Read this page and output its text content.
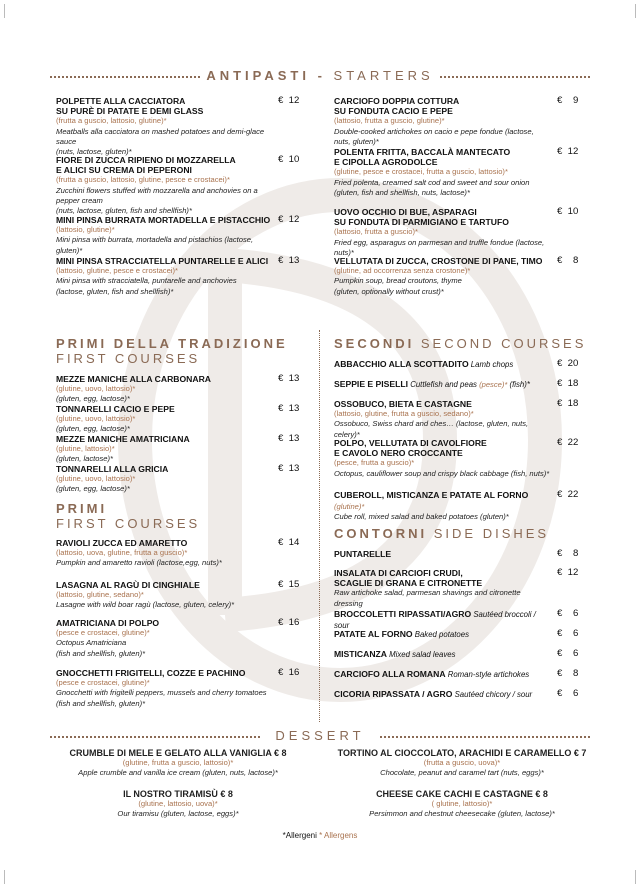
ANTIPASTI - STARTERS
POLPETTE ALLA CACCIATORA
SU PURÈ DI PATATE E DEMI GLASS
(frutta a guscio, lattosio, glutine)*
Meatballs alla cacciatora on mashed potatoes and demi-glace sauce
(nuts, lactose, gluten)*
€  12
FIORE DI ZUCCA RIPIENO DI MOZZARELLA
E ALICI SU CREMA DI PEPERONI
(frutta a guscio, lattosio, glutine, pesce e crostacei)*
Zucchini flowers stuffed with mozzarella and anchovies on a pepper cream
(nuts, lactose, gluten, fish and shellfish)*
€  10
MINI PINSA BURRATA MORTADELLA E PISTACCHIO
(lattosio, glutine)*
Mini pinsa with burrata, mortadella and pistachios (lactose, gluten)*
€  12
MINI PINSA STRACCIATELLA PUNTARELLE E ALICI
(lattosio, glutine, pesce e crostacei)*
Mini pinsa with stracciatella, puntarelle and anchovies
(lactose, gluten, fish and shellfish)*
€  13
CARCIOFO DOPPIA COTTURA
SU FONDUTA CACIO E PEPE
(lattosio, frutta a guscio, glutine)*
Double-cooked artichokes on cacio e pepe fondue (lactose, nuts, gluten)*
€    9
POLENTA FRITTA, BACCALÀ MANTECATO
E CIPOLLA AGRODOLCE
(glutine, pesce e crostacei, frutta a guscio, lattosio)*
Fried polenta, creamed salt cod and sweet and sour onion
(gluten, fish and shellfish, nuts, lactose)*
€  12
UOVO OCCHIO DI BUE, ASPARAGI
SU FONDUTA DI PARMIGIANO E TARTUFO
(lattosio, frutta a guscio)*
Fried egg, asparagus on parmesan and truffle fondue (lactose, nuts)*
€  10
VELLUTATA DI ZUCCA, CROSTONE DI PANE, TIMO
(glutine, ad occorrenza senza crostone)*
Pumpkin soup, bread croutons, thyme
(gluten, optionally without crust)*
€    8
PRIMI DELLA TRADIZIONE
FIRST COURSES
MEZZE MANICHE ALLA CARBONARA
(glutine, uovo, lattosio)*
(gluten, egg, lactose)*
€  13
TONNARELLI CACIO E PEPE
(glutine, uovo, lattosio)*
(gluten, egg, lactose)*
€  13
MEZZE MANICHE AMATRICIANA
(glutine, lattosio)*
(gluten, lactose)*
€  13
TONNARELLI ALLA GRICIA
(glutine, uovo, lattosio)*
(gluten, egg, lactose)*
€  13
PRIMI
FIRST COURSES
RAVIOLI ZUCCA ED AMARETTO
(lattosio, uova, glutine, frutta a guscio)*
Pumpkin and amaretto ravioli (lactose,egg, nuts)*
€  14
LASAGNA AL RAGÙ DI CINGHIALE
(lattosio, glutine, sedano)*
Lasagne with wild boar ragù (lactose, gluten, celery)*
€  15
AMATRICIANA DI POLPO
(pesce e crostacei, glutine)*
Octopus Amatriciana
(fish and shellfish, gluten)*
€  16
GNOCCHETTI FRIGITELLI, COZZE E PACHINO
(pesce e crostacei, glutine)*
Gnocchetti with frigitelli peppers, mussels and cherry tomatoes
(fish and shellfish, gluten)*
€  16
SECONDI SECOND COURSES
ABBACCHIO ALLA SCOTTADITO Lamb chops	€  20
SEPPIE E PISELLI Cuttlefish and peas (pesce)* (fish)*	€  18
OSSOBUCO, BIETA E CASTAGNE
(lattosio, glutine, frutta a guscio, sedano)*
Ossobuco, Swiss chard and ches… (lactose, gluten, nuts, celery)*
€  18
POLPO, VELLUTATA DI CAVOLFIORE
E CAVOLO NERO CROCCANTE
(pesce, frutta a guscio)*
Octopus, cauliflower soup and crispy black cabbage (fish, nuts)*
€  22
CUBEROLL, MISTICANZA E PATATE AL FORNO (glutine)*
Cube roll, mixed salad and baked potatoes (gluten)*
€  22
CONTORNI SIDE DISHES
PUNTARELLE	€    8
INSALATA DI CARCIOFI CRUDI,
SCAGLIE DI GRANA E CITRONETTE
Raw artichoke salad, parmesan shavings and citronette dressing
€  12
BROCCOLETTI RIPASSATI/AGRO Sautéed broccoli / sour
€    6
PATATE AL FORNO Baked potatoes	€    6
MISTICANZA Mixed salad leaves	€    6
CARCIOFO ALLA ROMANA Roman-style artichokes	€    8
CICORIA RIPASSATA / AGRO Sautéed chicory / sour	€    6
DESSERT
CRUMBLE DI MELE E GELATO ALLA VANIGLIA € 8
(glutine, frutta a guscio, lattosio)*
Apple crumble and vanilla ice cream (gluten, nuts, lactose)*
TORTINO AL CIOCCOLATO, ARACHIDI E CARAMELLO € 7
(frutta a guscio, uova)*
Chocolate, peanut and caramel tart (nuts, eggs)*
IL NOSTRO TIRAMISÙ € 8
(glutine, lattosio, uova)*
Our tiramisu (gluten, lactose, eggs)*
CHEESE CAKE CACHI E CASTAGNE € 8
( glutine, lattosio)*
Persimmon and chestnut cheesecake (gluten, lactose)*
*Allergeni * Allergens
